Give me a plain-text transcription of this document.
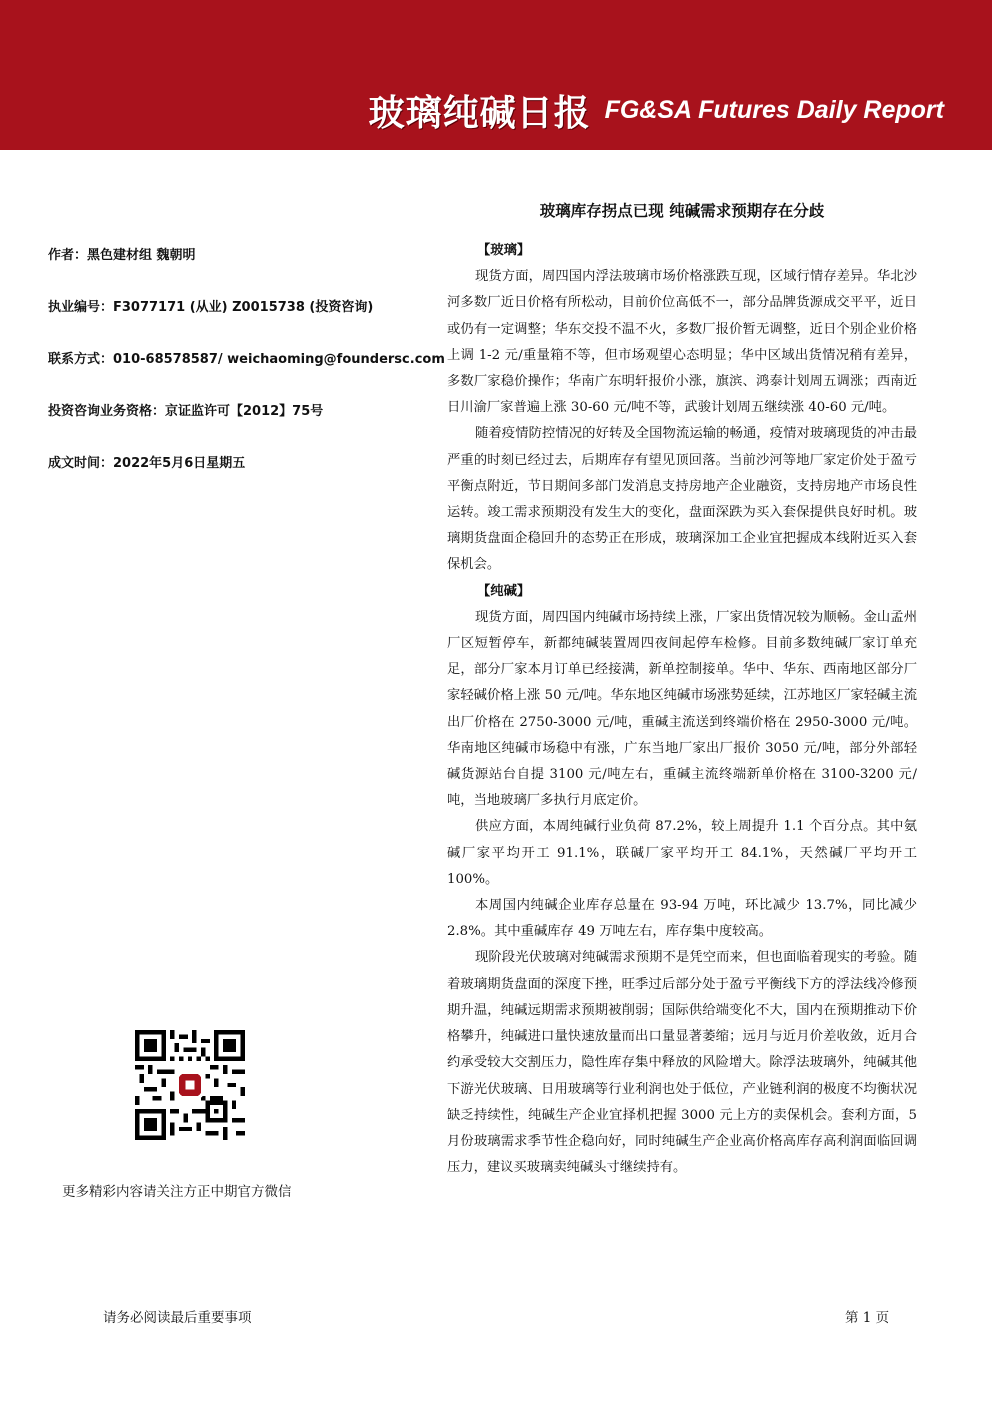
玻璃纯碱日报 FG&SA Futures Daily Report
玻璃库存拐点已现 纯碱需求预期存在分歧
作者：黑色建材组 魏朝明
执业编号：F3077171 (从业) Z0015738 (投资咨询)
联系方式：010-68578587/ weichaoming@foundersc.com
投资咨询业务资格：京证监许可【2012】75号
成文时间：2022年5月6日星期五
【玻璃】

现货方面，周四国内浮法玻璃市场价格涨跌互现，区域行情存差异。华北沙河多数厂近日价格有所松动，目前价位高低不一，部分品牌货源成交平平，近日或仍有一定调整；华东交投不温不火，多数厂报价暂无调整，近日个别企业价格上调 1-2 元/重量箱不等，但市场观望心态明显；华中区域出货情况稍有差异，多数厂家稳价操作；华南广东明轩报价小涨，旗滨、鸿泰计划周五调涨；西南近日川渝厂家普遍上涨 30-60 元/吨不等，武骏计划周五继续涨 40-60 元/吨。

随着疫情防控情况的好转及全国物流运输的畅通，疫情对玻璃现货的冲击最严重的时刻已经过去，后期库存有望见顶回落。当前沙河等地厂家定价处于盈亏平衡点附近，节日期间多部门发消息支持房地产企业融资，支持房地产市场良性运转。竣工需求预期没有发生大的变化，盘面深跌为买入套保提供良好时机。玻璃期货盘面企稳回升的态势正在形成，玻璃深加工企业宜把握成本线附近买入套保机会。

【纯碱】

现货方面，周四国内纯碱市场持续上涨，厂家出货情况较为顺畅。金山孟州厂区短暂停车，新都纯碱装置周四夜间起停车检修。目前多数纯碱厂家订单充足，部分厂家本月订单已经接满，新单控制接单。华中、华东、西南地区部分厂家轻碱价格上涨 50 元/吨。华东地区纯碱市场涨势延续，江苏地区厂家轻碱主流出厂价格在 2750-3000 元/吨，重碱主流送到终端价格在 2950-3000 元/吨。华南地区纯碱市场稳中有涨，广东当地厂家出厂报价 3050 元/吨，部分外部轻碱货源站台自提 3100 元/吨左右，重碱主流终端新单价格在 3100-3200 元/吨，当地玻璃厂多执行月底定价。

供应方面，本周纯碱行业负荷 87.2%，较上周提升 1.1 个百分点。其中氨碱厂家平均开工 91.1%，联碱厂家平均开工 84.1%，天然碱厂平均开工 100%。

本周国内纯碱企业库存总量在 93-94 万吨，环比减少 13.7%，同比减少 2.8%。其中重碱库存 49 万吨左右，库存集中度较高。

现阶段光伏玻璃对纯碱需求预期不是凭空而来，但也面临着现实的考验。随着玻璃期货盘面的深度下挫，旺季过后部分处于盈亏平衡线下方的浮法线冷修预期升温，纯碱远期需求预期被削弱；国际供给端变化不大，国内在预期推动下价格攀升，纯碱进口量快速放量而出口量显著萎缩；远月与近月价差收敛，近月合约承受较大交割压力，隐性库存集中释放的风险增大。除浮法玻璃外，纯碱其他下游光伏玻璃、日用玻璃等行业利润也处于低位，产业链利润的极度不均衡状况缺乏持续性，纯碱生产企业宜择机把握 3000 元上方的卖保机会。套利方面，5 月份玻璃需求季节性企稳向好，同时纯碱生产企业高价格高库存高利润面临回调压力，建议买玻璃卖纯碱头寸继续持有。

更多精彩内容请关注方正中期官方微信
请务必阅读最后重要事项	第 1 页
